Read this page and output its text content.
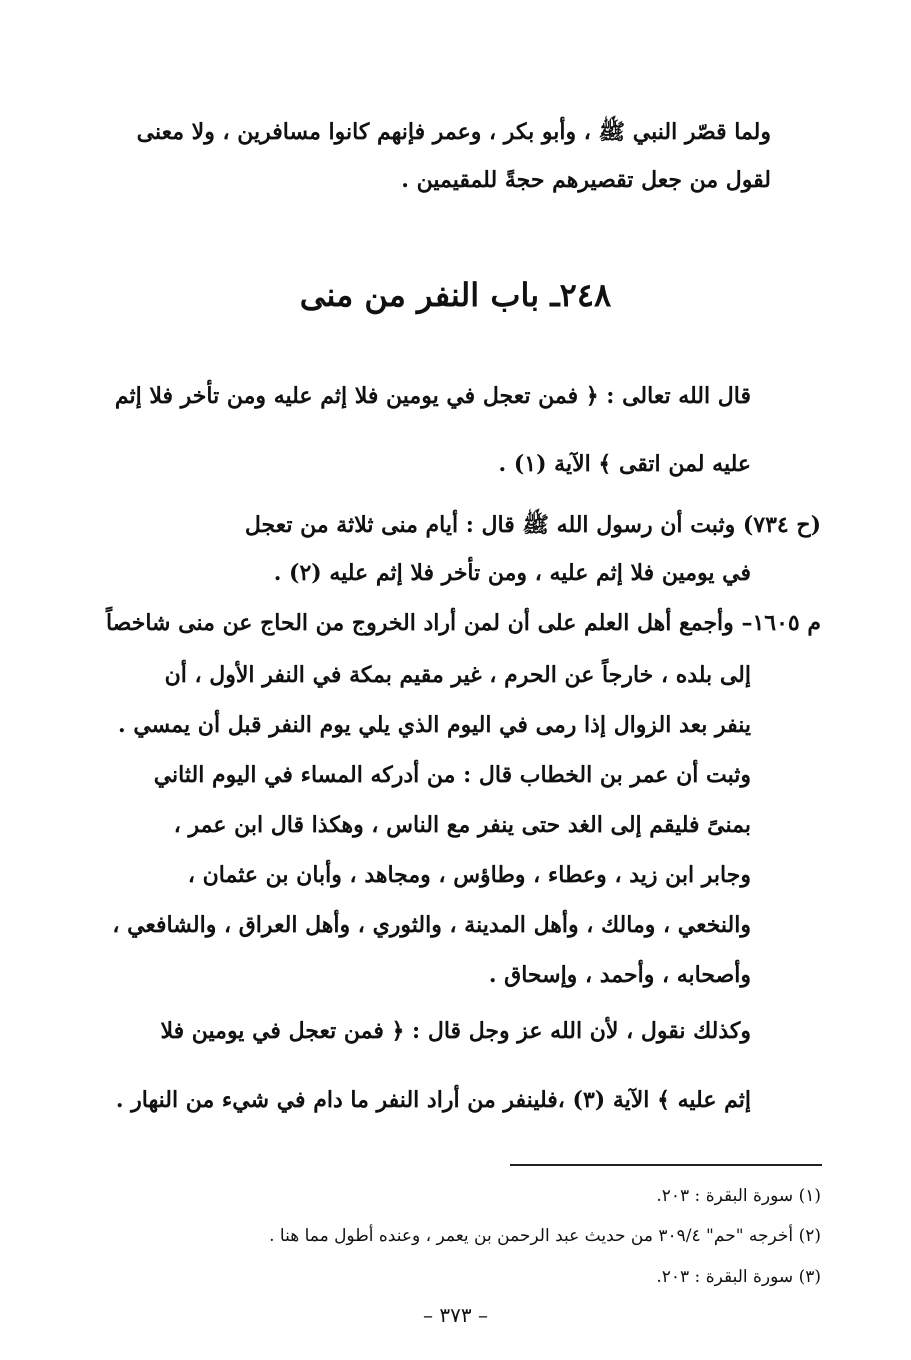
ولما قصّر النبي ﷺ ، وأبو بكر ، وعمر فإنهم كانوا مسافرين ، ولا معنى
لقول من جعل تقصيرهم حجةً للمقيمين .
٢٤٨ـ باب النفر من منى
قال الله تعالى : ﴿ فمن تعجل في يومين فلا إثم عليه ومن تأخر فلا إثم
عليه لمن اتقى ﴾ الآية (١) .
(ح ٧٣٤) وثبت أن رسول الله ﷺ قال : أيام منى ثلاثة من تعجل
في يومين فلا إثم عليه ، ومن تأخر فلا إثم عليه (٢) .
م ١٦٠٥– وأجمع أهل العلم على أن لمن أراد الخروج من الحاج عن منى شاخصاً
إلى بلده ، خارجاً عن الحرم ، غير مقيم بمكة في النفر الأول ، أن
ينفر بعد الزوال إذا رمى في اليوم الذي يلي يوم النفر قبل أن يمسي .
وثبت أن عمر بن الخطاب قال : من أدركه المساء في اليوم الثاني
بمنىً فليقم إلى الغد حتى ينفر مع الناس ، وهكذا قال ابن عمر ،
وجابر ابن زيد ، وعطاء ، وطاؤس ، ومجاهد ، وأبان بن عثمان ،
والنخعي ، ومالك ، وأهل المدينة ، والثوري ، وأهل العراق ، والشافعي ،
وأصحابه ، وأحمد ، وإسحاق .
وكذلك نقول ، لأن الله عز وجل قال : ﴿ فمن تعجل في يومين فلا
إثم عليه ﴾ الآية (٣) ،فلينفر من أراد النفر ما دام في شيء من النهار .
(١) سورة البقرة : ٢٠٣.
(٢) أخرجه "حم" ٣٠٩/٤ من حديث عبد الرحمن بن يعمر ، وعنده أطول مما هنا .
(٣) سورة البقرة : ٢٠٣.
– ٣٧٣ –
